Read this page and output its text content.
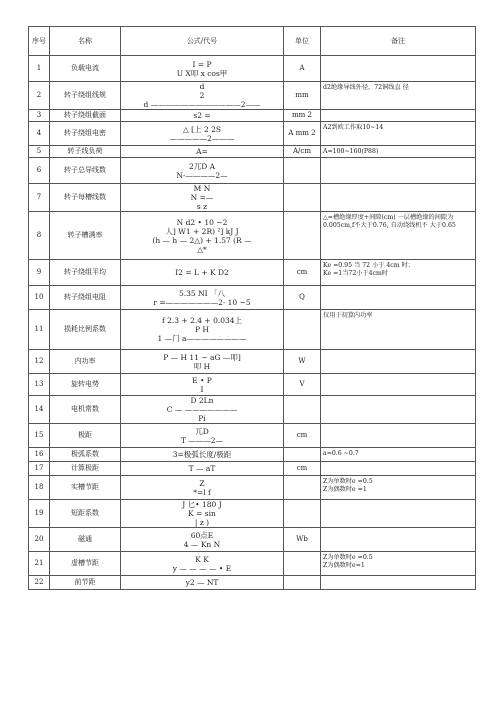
序号	名称	公式/代号	单位	备注
1	负载电流	I = P
U X叩 x cos甲	A	
2	转子绕组线规	d
2
d ————————————2——	mm	d2绝缘导线外径，72铜线直 径
3	转子绕组截面	s2 =	mm 2	
4	转子绕组电密	△ [上 2 2S
—————2———	A mm 2	A2到欧工作取10~14
5	转子线负荷	A=	A/cm	A=100~160(P88)
6	转子总导线数	2兀D A
N-————2—		
7	转子每槽线数	M N
N =—
s z		
8	转子槽满率	N d2 • 10 ~2
人] W1 + 2R) ²] kJ J
(h — h — 2△) + 1.57 (R —
△*		△=槽绝缘厚度+间隙(cm) 一层槽绝缘的间隙为0.005cm,f不大于0.76, 自动绕线机不 大于0.65
9	转子绕组平均	I2 = L + K D2	cm	Ke =0.95 当 72 小于 4cm 时；
Ke =1当72小于4cm时
10	转子绕组电阻	5.35 NI 「八
r =———————2· 10 ~5	Q	
11	损耗比例系数	f 2.3 + 2.4 + 0.034上
P H
1 —门 a————————		仅用于初算内功率
12	内功率	P — H 11 ~ aG —叩]
叩 H	W	
13	旋转电势	E • P
I	V	
14	电机常数	D 2Ln
C — ———————
Pi		
15	极距	兀D
T ———2—	cm	
16	极弧系数	3=极弧长度/极距		a=0.6 ~0.7
17	计算极距	T — aT	cm	
18	实槽节距	Z
*=l f		Z为单数时e =0.5
Z为偶数时e =1
19	短距系数	J 匕• 180 J
K = sin
| z )		
20	磁通	60点E
4 — Kn N	Wb	
21	虚槽节距	K K
y — — — — • E		Z为单数时e =0.5
Z为偶数时e=1
22	前节距	y2 — NT		
